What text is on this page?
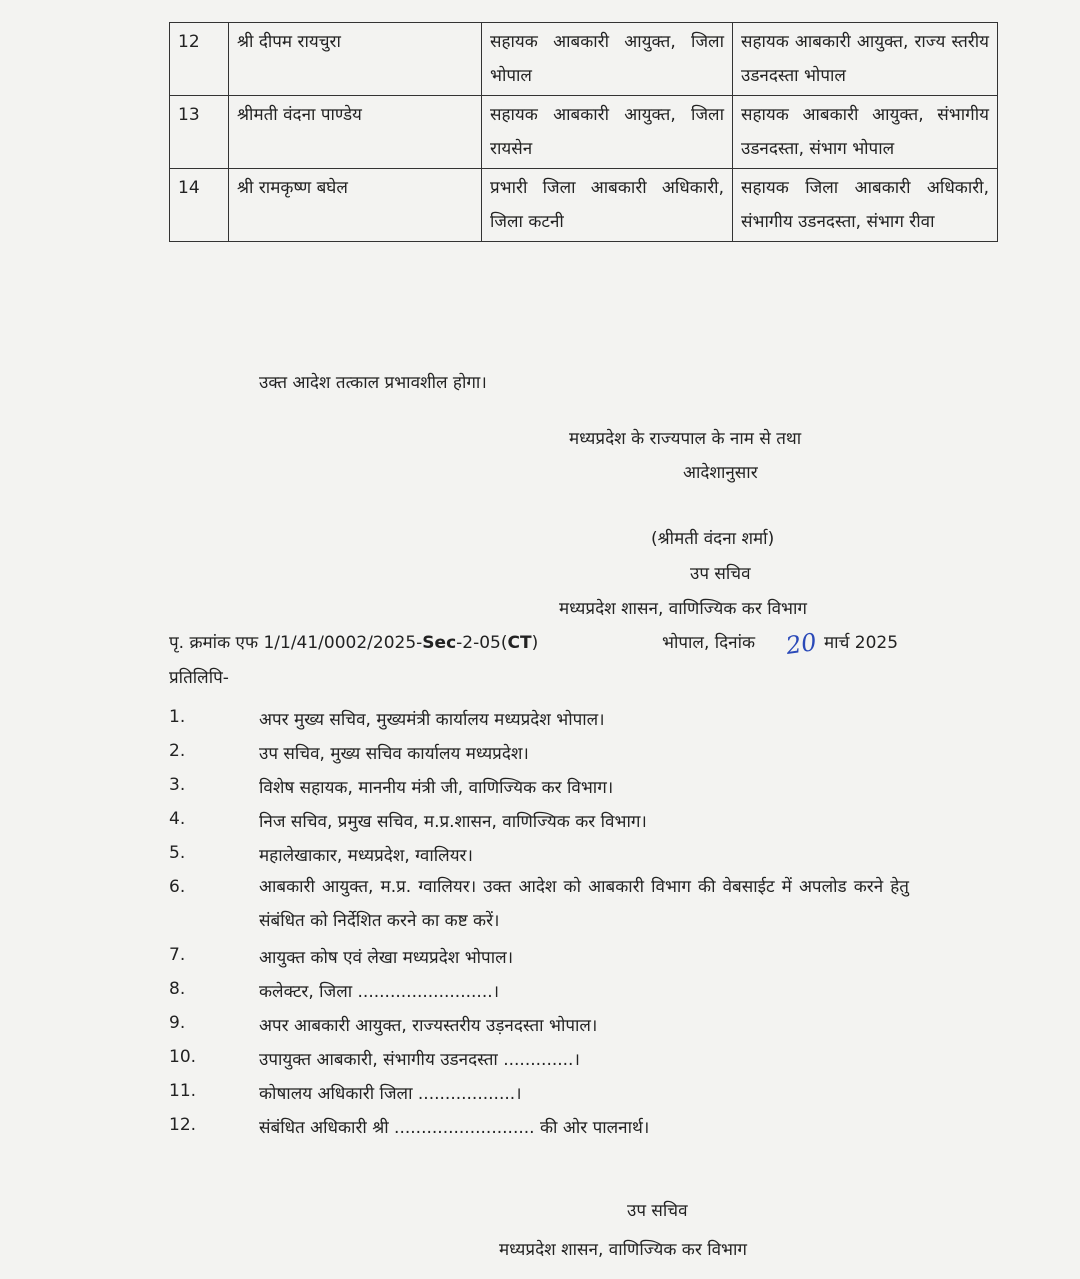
12	श्री दीपम रायचुरा	सहायक आबकारी आयुक्त, जिला भोपाल	सहायक आबकारी आयुक्त, राज्य स्तरीय उडनदस्ता भोपाल
13	श्रीमती वंदना पाण्डेय	सहायक आबकारी आयुक्त, जिला रायसेन	सहायक आबकारी आयुक्त, संभागीय उडनदस्ता, संभाग भोपाल
14	श्री रामकृष्ण बघेल	प्रभारी जिला आबकारी अधिकारी, जिला कटनी	सहायक जिला आबकारी अधिकारी, संभागीय उडनदस्ता, संभाग रीवा
उक्त आदेश तत्काल प्रभावशील होगा।
मध्यप्रदेश के राज्यपाल के नाम से तथा
आदेशानुसार
(श्रीमती वंदना शर्मा)
उप सचिव
मध्यप्रदेश शासन, वाणिज्यिक कर विभाग
पृ. क्रमांक एफ 1/1/41/0002/2025-Sec-2-05(CT)	भोपाल, दिनांक 20 मार्च 2025
प्रतिलिपि-
1.	अपर मुख्य सचिव, मुख्यमंत्री कार्यालय मध्यप्रदेश भोपाल।
2.	उप सचिव, मुख्य सचिव कार्यालय मध्यप्रदेश।
3.	विशेष सहायक, माननीय मंत्री जी, वाणिज्यिक कर विभाग।
4.	निज सचिव, प्रमुख सचिव, म.प्र.शासन, वाणिज्यिक कर विभाग।
5.	महालेखाकार, मध्यप्रदेश, ग्वालियर।
6.	आबकारी आयुक्त, म.प्र. ग्वालियर। उक्त आदेश को आबकारी विभाग की वेबसाईट में अपलोड करने हेतु संबंधित को निर्देशित करने का कष्ट करें।
7.	आयुक्त कोष एवं लेखा मध्यप्रदेश भोपाल।
8.	कलेक्टर, जिला .........................।
9.	अपर आबकारी आयुक्त, राज्यस्तरीय उड़नदस्ता भोपाल।
10.	उपायुक्त आबकारी, संभागीय उडनदस्ता .............।
11.	कोषालय अधिकारी जिला ..................।
12.	संबंधित अधिकारी श्री .......................... की ओर पालनार्थ।
उप सचिव
मध्यप्रदेश शासन, वाणिज्यिक कर विभाग
